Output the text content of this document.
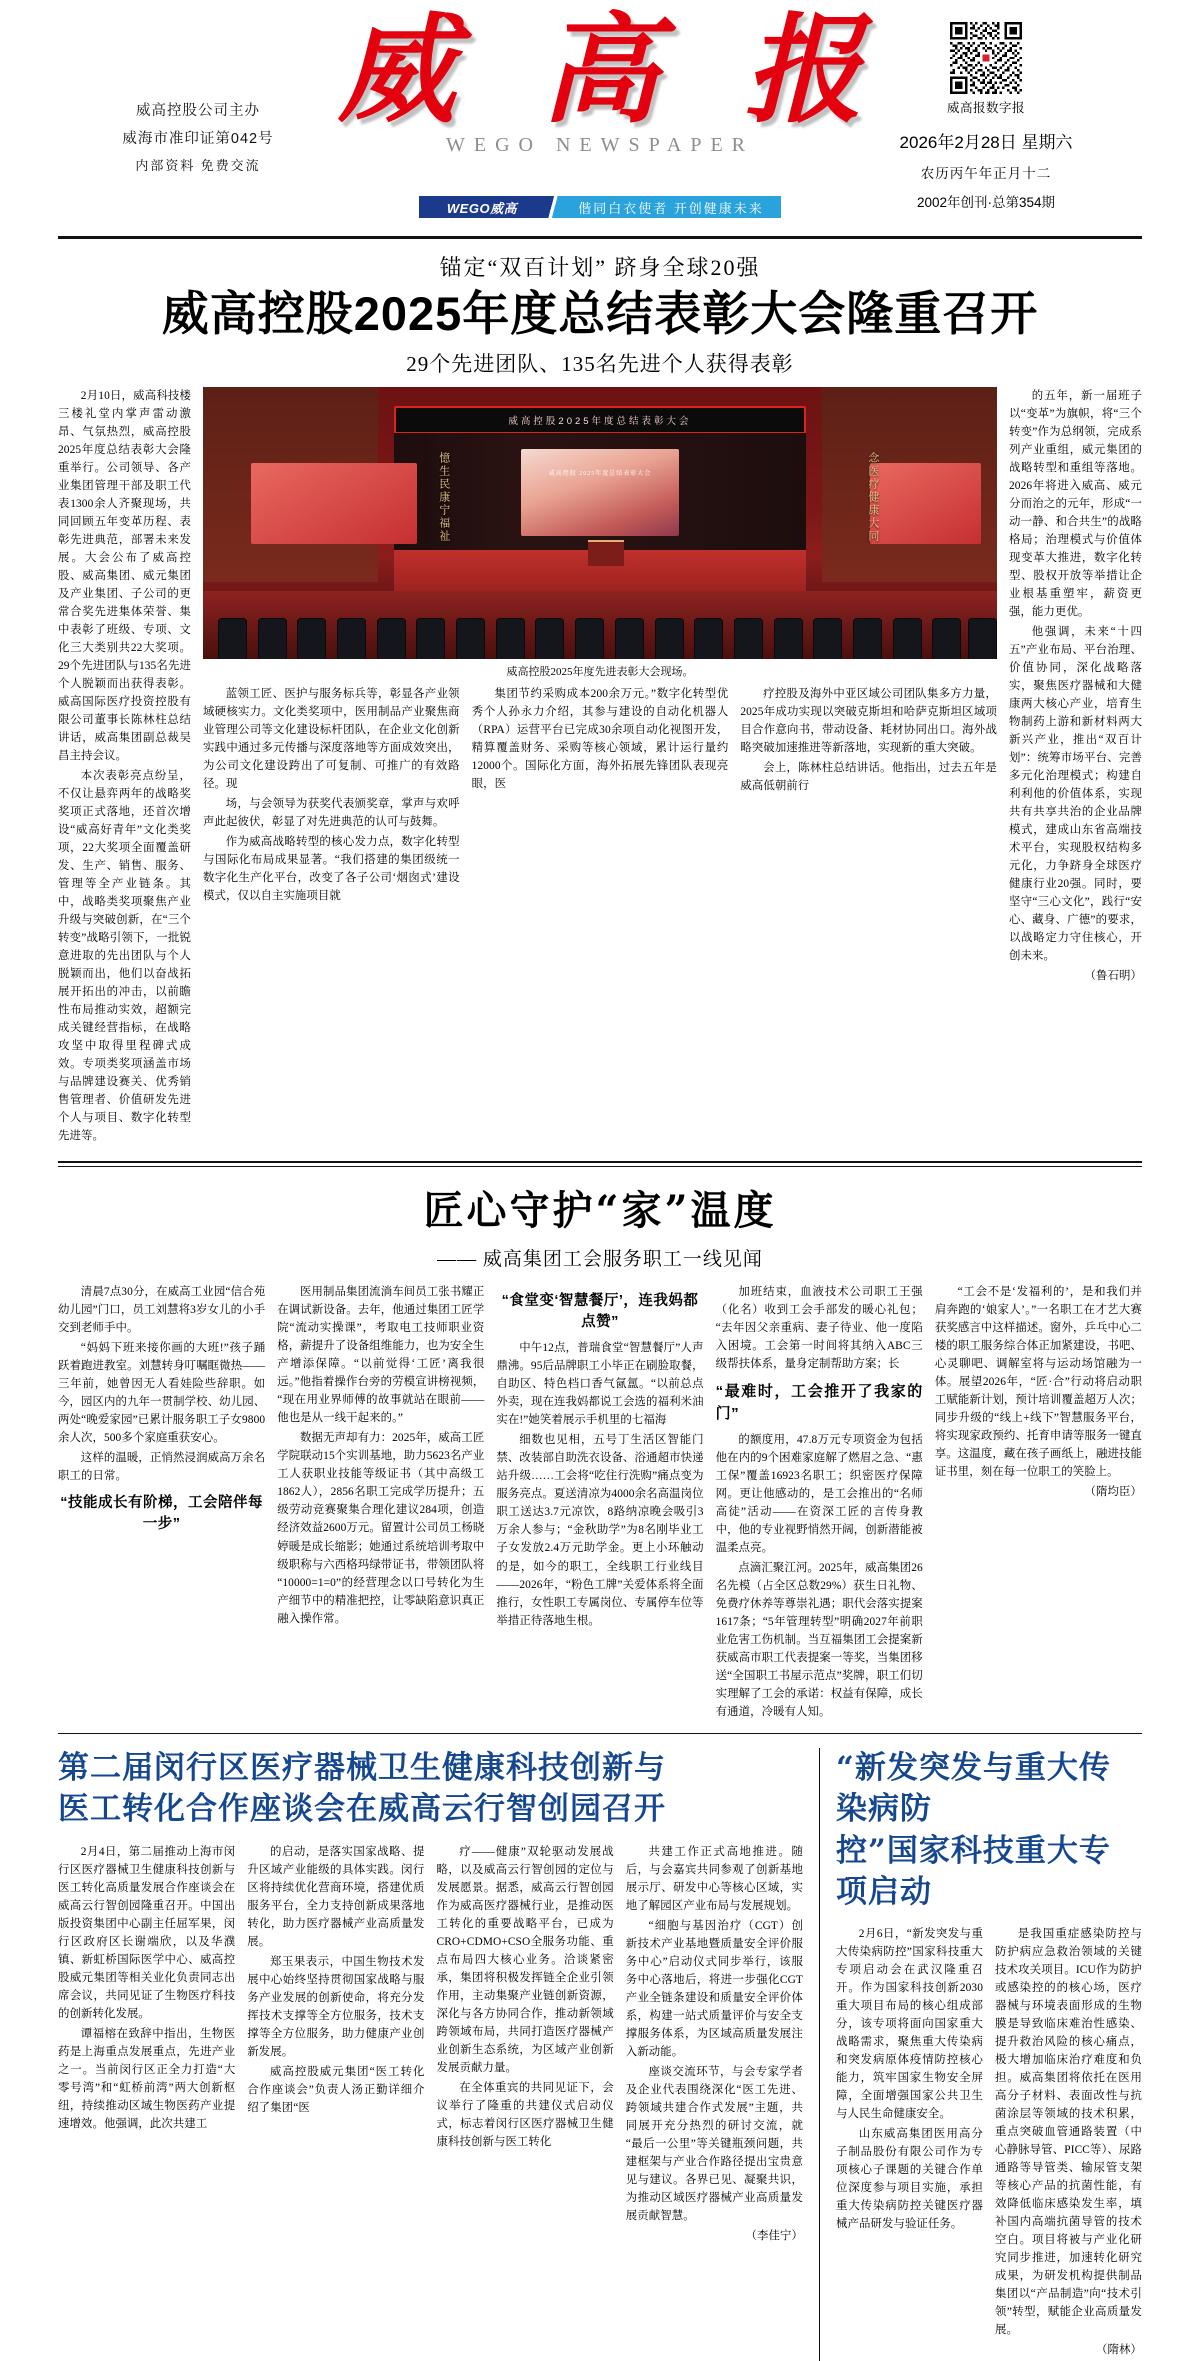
威高控股公司主办
威海市准印证第042号
内部资料 免费交流
威 高 报
WEGO NEWSPAPER
威高报数字报
2026年2月28日 星期六
农历丙午年正月十二
2002年创刊·总第354期
WEGO威高	偕同白衣使者 开创健康未来
锚定“双百计划” 跻身全球20强
威高控股2025年度总结表彰大会隆重召开
29个先进团队、135名先进个人获得表彰

2月10日，威高科技楼三楼礼堂内掌声雷动激昂、气氛热烈，威高控股2025年度总结表彰大会隆重举行。公司领导、各产业集团管理干部及职工代表1300余人齐聚现场，共同回顾五年变革历程、表彰先进典范，部署未来发展。大会公布了威高控股、威高集团、威元集团及产业集团、子公司的更常合奖先进集体荣誉、集中表彰了班级、专项、文化三大类别共22大奖项。29个先进团队与135名先进个人脱颖而出获得表彰。威高国际医疗投资控股有限公司董事长陈林柱总结讲话，威高集团副总裁吴昌主持会议。

本次表彰亮点纷呈，不仅让悬弈两年的战略奖奖项正式落地，还首次增设“威高好青年”文化类奖项，22大奖项全面覆盖研发、生产、销售、服务、管理等全产业链条。其中，战略类奖项聚焦产业升级与突破创新，在“三个转变”战略引领下，一批锐意进取的先出团队与个人脱颖而出，他们以奋战拓展开拓出的冲击，以前瞻性布局推动实效，超额完成关键经营指标，在战略攻坚中取得里程碑式成效。专项类奖项涵盖市场与品牌建设赛关、优秀销售管理者、价值研发先进个人与项目、数字化转型先进等。

威高控股2025年度总结表彰大会
威高控股 2025年度总结表彰大会
憶生民康宁福祉	念医疗健康大同
威高控股2025年度先进表彰大会现场。

蓝领工匠、医护与服务标兵等，彰显各产业领域硬核实力。文化类奖项中，医用制品产业聚焦商业管理公司等文化建设标杆团队，在企业文化创新实践中通过多元传播与深度落地等方面成效突出，为公司文化建设跨出了可复制、可推广的有效路径。现

场，与会领导为获奖代表颁奖章，掌声与欢呼声此起彼伏，彰显了对先进典范的认可与鼓舞。

作为威高战略转型的核心发力点，数字化转型与国际化布局成果显著。“我们搭建的集团级统一数字化生产化平台，改变了各子公司‘烟囱式’建设模式，仅以自主实施项目就

集团节约采购成本200余万元。”数字化转型优秀个人孙永力介绍，其参与建设的自动化机器人（RPA）运营平台已完成30余项自动化视图开发，精算覆盖财务、采购等核心领域，累计运行量约12000个。国际化方面，海外拓展先锋团队表现亮眼，医

疗控股及海外中亚区域公司团队集多方力量，2025年成功实现以突破克斯坦和哈萨克斯坦区域项目合作意向书，带动设备、耗材协同出口。海外战略突破加速推进等新落地，实现新的重大突破。

会上，陈林柱总结讲话。他指出，过去五年是威高低朝前行

的五年，新一届班子以“变革”为旗帜，将“三个转变”作为总纲领，完成系列产业重组，威元集团的战略转型和重组等落地。2026年将进入威高、威元分而治之的元年，形成“一动一静、和合共生”的战略格局；治理模式与价值体现变革大推进，数字化转型、股权开放等举措让企业根基重塑牢，薪资更强，能力更优。

他强调，未来“十四五”产业布局、平台治理、价值协同，深化战略落实，聚焦医疗器械和大健康两大核心产业，培育生物制药上游和新材料两大新兴产业，推出“双百计划”：统筹市场平台、完善多元化治理模式；构建自利利他的价值体系，实现共有共享共治的企业品牌模式，建成山东省高端技术平台，实现股权结构多元化，力争跻身全球医疗健康行业20强。同时，要坚守“三心文化”，践行“安心、藏身、广德”的要求，以战略定力守住核心，开创未来。

（鲁石明）

匠心守护“家”温度
—— 威高集团工会服务职工一线见闻

清晨7点30分，在威高工业园“信合苑幼儿园”门口，员工刘慧将3岁女儿的小手交到老师手中。

“妈妈下班来接你画的大班!”孩子踊跃着跑进教室。刘慧转身叮嘱眶微热——三年前，她曾因无人看娃险些辞职。如今，园区内的九年一贯制学校、幼儿园、两处“晚爱家园”已累计服务职工子女9800余人次，500多个家庭重获安心。

这样的温暖，正悄然浸润威高万余名职工的日常。

“技能成长有阶梯，工会陪伴每一步”

医用制品集团流淌车间员工张书耀正在调试新设备。去年，他通过集团工匠学院“流动实操课”，考取电工技师职业资格，薪提升了设备组维能力，也为安全生产增添保障。“以前觉得‘工匠’离我很远。”他指着操作台旁的劳模宣讲榜视频，“现在用业界师傅的故事就站在眼前——他也是从一线干起来的。”

数据无声却有力：2025年，威高工匠学院联动15个实训基地，助力5623名产业工人获职业技能等级证书（其中高级工1862人），2856名职工完成学历提升；五级劳动竞赛聚集合理化建议284项，创造经济效益2600万元。留置计公司员工杨晓婷暖是成长缩影；她通过系统培训考取中级职称与六西格玛绿带证书，带领团队将“10000=1=0”的经营理念以口号转化为生产细节中的精准把控，让零缺陷意识真正融入操作常。

“食堂变‘智慧餐厅’，连我妈都点赞”

中午12点，普瑞食堂“智慧餐厅”人声鼎沸。95后品牌职工小毕正在刷脸取餐，自助区、特色档口香气氤氲。“以前总点外卖，现在连我妈都说工会选的福利米油实在!”她笑着展示手机里的七福海

细数也见相，五号丁生活区智能门禁、改装部自助洗衣设备、浴通超市快递站升级……工会将“吃住行洗购”痛点变为服务亮点。夏送清凉为4000余名高温岗位职工送达3.7元凉饮，8路纳凉晚会吸引3万余人参与；“金秋助学”为8名刚毕业工子女发放2.4万元助学金。更上小环触动的是，如今的职工，全线职工行业线目——2026年，“粉色工牌”关爱体系将全面推行，女性职工专属岗位、专属停车位等举措正待落地生根。

加班结束，血液技术公司职工王强（化名）收到工会手部发的暖心礼包；“去年因父亲重病、妻子待业、他一度陷入困境。工会第一时间将其纳入ABC三级帮扶体系，量身定制帮助方案；长

“最难时，工会推开了我家的门”

的额度用，47.8万元专项资金为包括他在内的9个困难家庭解了燃眉之急、“惠工保”覆盖16923名职工；织密医疗保障网。更让他感动的，是工会推出的“名师高徒”活动——在资深工匠的言传身教中，他的专业视野悄然开阔，创新潜能被温柔点亮。

点滴汇聚江河。2025年，威高集团26名先模（占全区总数29%）获生日礼物、免费疗休养等尊崇礼遇；职代会落实提案1617条；“5年管理转型”明确2027年前职业危害工伤机制。当互福集团工会提案新获威高市职工代表提案一等奖，当集团移送“全国职工书屋示范点”奖牌，职工们切实理解了工会的承诺：权益有保障，成长有通道，冷暖有人知。

“工会不是‘发福利的’，是和我们并肩奔跑的‘娘家人’。”一名职工在才艺大赛获奖感言中这样描述。窗外，乒乓中心二楼的职工服务综合体正加紧建设，书吧、心灵聊吧、调解室将与运动场馆融为一体。展望2026年，“匠·合”行动将启动职工赋能新计划，预计培训覆盖超万人次；同步升级的“线上+线下”智慧服务平台，将实现家政预约、托育申请等服务一键直享。这温度，藏在孩子画纸上，融进技能证书里，刻在每一位职工的笑脸上。

（隋均臣）

第二届闵行区医疗器械卫生健康科技创新与
医工转化合作座谈会在威高云行智创园召开

2月4日，第二届推动上海市闵行区医疗器械卫生健康科技创新与医工转化高质量发展合作座谈会在威高云行智创园隆重召开。中国出版投资集团中心副主任屈军果，闵行区政府区长谢端欣，以及华濮镇、新虹桥国际医学中心、威高控股威元集团等相关业化负责同志出席会议，共同见证了生物医疗科技的创新转化发展。

谭福榕在致辞中指出，生物医药是上海重点发展重点，先进产业之一。当前闵行区正全力打造“大零号湾”和“虹桥前湾”两大创新枢纽，持续推动区域生物医药产业提速增效。他强调，此次共建工

的启动，是落实国家战略、提升区域产业能级的具体实践。闵行区将持续优化营商环境，搭建优质服务平台，全力支持创新成果落地转化，助力医疗器械产业高质量发展。

郑玉果表示，中国生物技术发展中心始终坚持贯彻国家战略与服务产业发展的创新使命，将充分发挥技术支撑等全方位服务，技术支撑等全方位服务，助力健康产业创新发展。

威高控股威元集团“医工转化合作座谈会”负责人汤正勤详细介绍了集团“医

疗——健康”双轮驱动发展战略，以及威高云行智创园的定位与发展愿景。据悉，威高云行智创园作为威高医疗器械行业，是推动医工转化的重要战略平台，已成为CRO+CDMO+CSO全服务功能、重点布局四大核心业务。洽谈紧密承，集团将积极发挥链全企业引领作用，主动集聚产业链创新资源，深化与各方协同合作，推动新领域跨领域布局，共同打造医疗器械产业创新生态系统，为区域产业创新发展贡献力量。

在全体重宾的共同见证下，会议举行了隆重的共建仪式启动仪式，标志着闵行区医疗器械卫生健康科技创新与医工转化

共建工作正式高地推进。随后，与会嘉宾共同参观了创新基地展示厅、研发中心等核心区域，实地了解园区产业布局与发展规划。

“细胞与基因治疗（CGT）创新技术产业基地暨质量安全评价服务中心”启动仪式同步举行，该服务中心落地后，将进一步强化CGT产业全链条建设和质量安全评价体系，构建一站式质量评价与安全支撑服务体系，为区域高质量发展注入新动能。

座谈交流环节，与会专家学者及企业代表围绕深化“医工先进、跨领域共建合作式发展”主题，共同展开充分热烈的研讨交流，就“最后一公里”等关键瓶颈问题，共建框架与产业合作路径提出宝贵意见与建议。各界已见、凝聚共识，为推动区域医疗器械产业高质量发展贡献智慧。

（李佳宁）

“新发突发与重大传染病防
控”国家科技重大专项启动

2月6日，“新发突发与重大传染病防控”国家科技重大专项启动会在武汉隆重召开。作为国家科技创新2030重大项目布局的核心组成部分，该专项将面向国家重大战略需求，聚焦重大传染病和突发病原体疫情防控核心能力，筑牢国家生物安全屏障，全面增强国家公共卫生与人民生命健康安全。

山东威高集团医用高分子制品股份有限公司作为专项核心子课题的关键合作单位深度参与项目实施，承担重大传染病防控关键医疗器械产品研发与验证任务。

是我国重症感染防控与防护病应急救治领域的关键技术攻关项目。ICU作为防护或感染控的的核心场，医疗器械与环境表面形成的生物膜是导致临床难治性感染、提升救治风险的核心痛点，极大增加临床治疗难度和负担。威高集团将依托在医用高分子材料、表面改性与抗菌涂层等领域的技术积累，重点突破血管通路装置（中心静脉导管、PICC等）、尿路通路等导管类、输尿管支架等核心产品的抗菌性能，有效降低临床感染发生率，填补国内高端抗菌导管的技术空白。项目将被与产业化研究同步推进，加速转化研究成果，为研发机构提供制品集团以“产品制造”向“技术引领”转型，赋能企业高质量发展。

（隋林）
